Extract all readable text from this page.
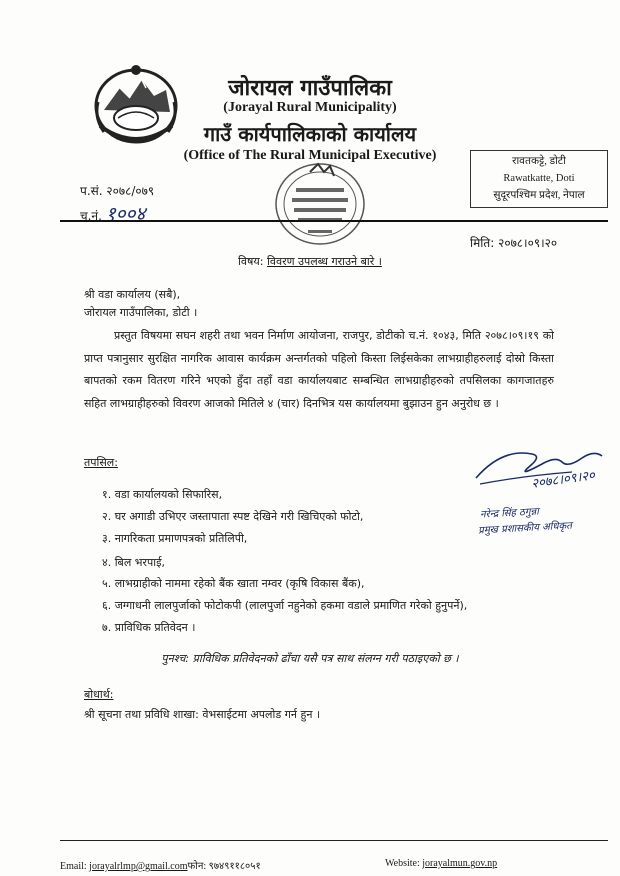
जोरायल गाउँपालिका
(Jorayal Rural Municipality)
गाउँ कार्यपालिकाको कार्यालय
(Office of The Rural Municipal Executive)	रावतकट्टे, डोटी
Rawatkatte, Doti
सुदूरपश्चिम प्रदेश, नेपाल
प.सं. २०७८/०७९
च.नं. १००४
मिति: २०७८।०९।२०
विषय: विवरण उपलब्ध गराउने बारे ।
श्री वडा कार्यालय (सबै),
जोरायल गाउँपालिका, डोटी ।
प्रस्तुत विषयमा सघन शहरी तथा भवन निर्माण आयोजना, राजपुर, डोटीको च.नं. १०४३, मिति २०७८।०९।१९ को प्राप्त पत्रानुसार सुरक्षित नागरिक आवास कार्यक्रम अन्तर्गतको पहिलो किस्ता लिईसकेका लाभग्राहीहरुलाई दोस्रो किस्ता बापतको रकम वितरण गरिने भएको हुँदा तहाँ वडा कार्यालयबाट सम्बन्धित लाभग्राहीहरुको तपसिलका कागजातहरु सहित लाभग्राहीहरुको विवरण आजको मितिले ४ (चार) दिनभित्र यस कार्यालयमा बुझाउन हुन अनुरोध छ ।
तपसिल:
१. वडा कार्यालयको सिफारिस,
२. घर अगाडी उभिएर जस्तापाता स्पष्ट देखिने गरी खिचिएको फोटो,
३. नागरिकता प्रमाणपत्रको प्रतिलिपी,
४. बिल भरपाई,
५. लाभग्राहीको नाममा रहेको बैंक खाता नम्वर (कृषि विकास बैंक),
६. जग्गाधनी लालपुर्जाको फोटोकपी (लालपुर्जा नहुनेको हकमा वडाले प्रमाणित गरेको हुनुपर्ने),
७. प्राविधिक प्रतिवेदन ।
२०७८।०९।२०
नरेन्द्र सिंह ठगुन्ना
प्रमुख प्रशासकीय अधिकृत
पुनश्च: प्राविधिक प्रतिवेदनको ढाँचा यसै पत्र साथ संलग्न गरी पठाइएको छ ।
बोधार्थ:
श्री सूचना तथा प्रविधि शाखा: वेभसाईटमा अपलोड गर्न हुन ।
Email: jorayalrlmp@gmail.comफोन: ९७४९११८०५१	Website: jorayalmun.gov.np
